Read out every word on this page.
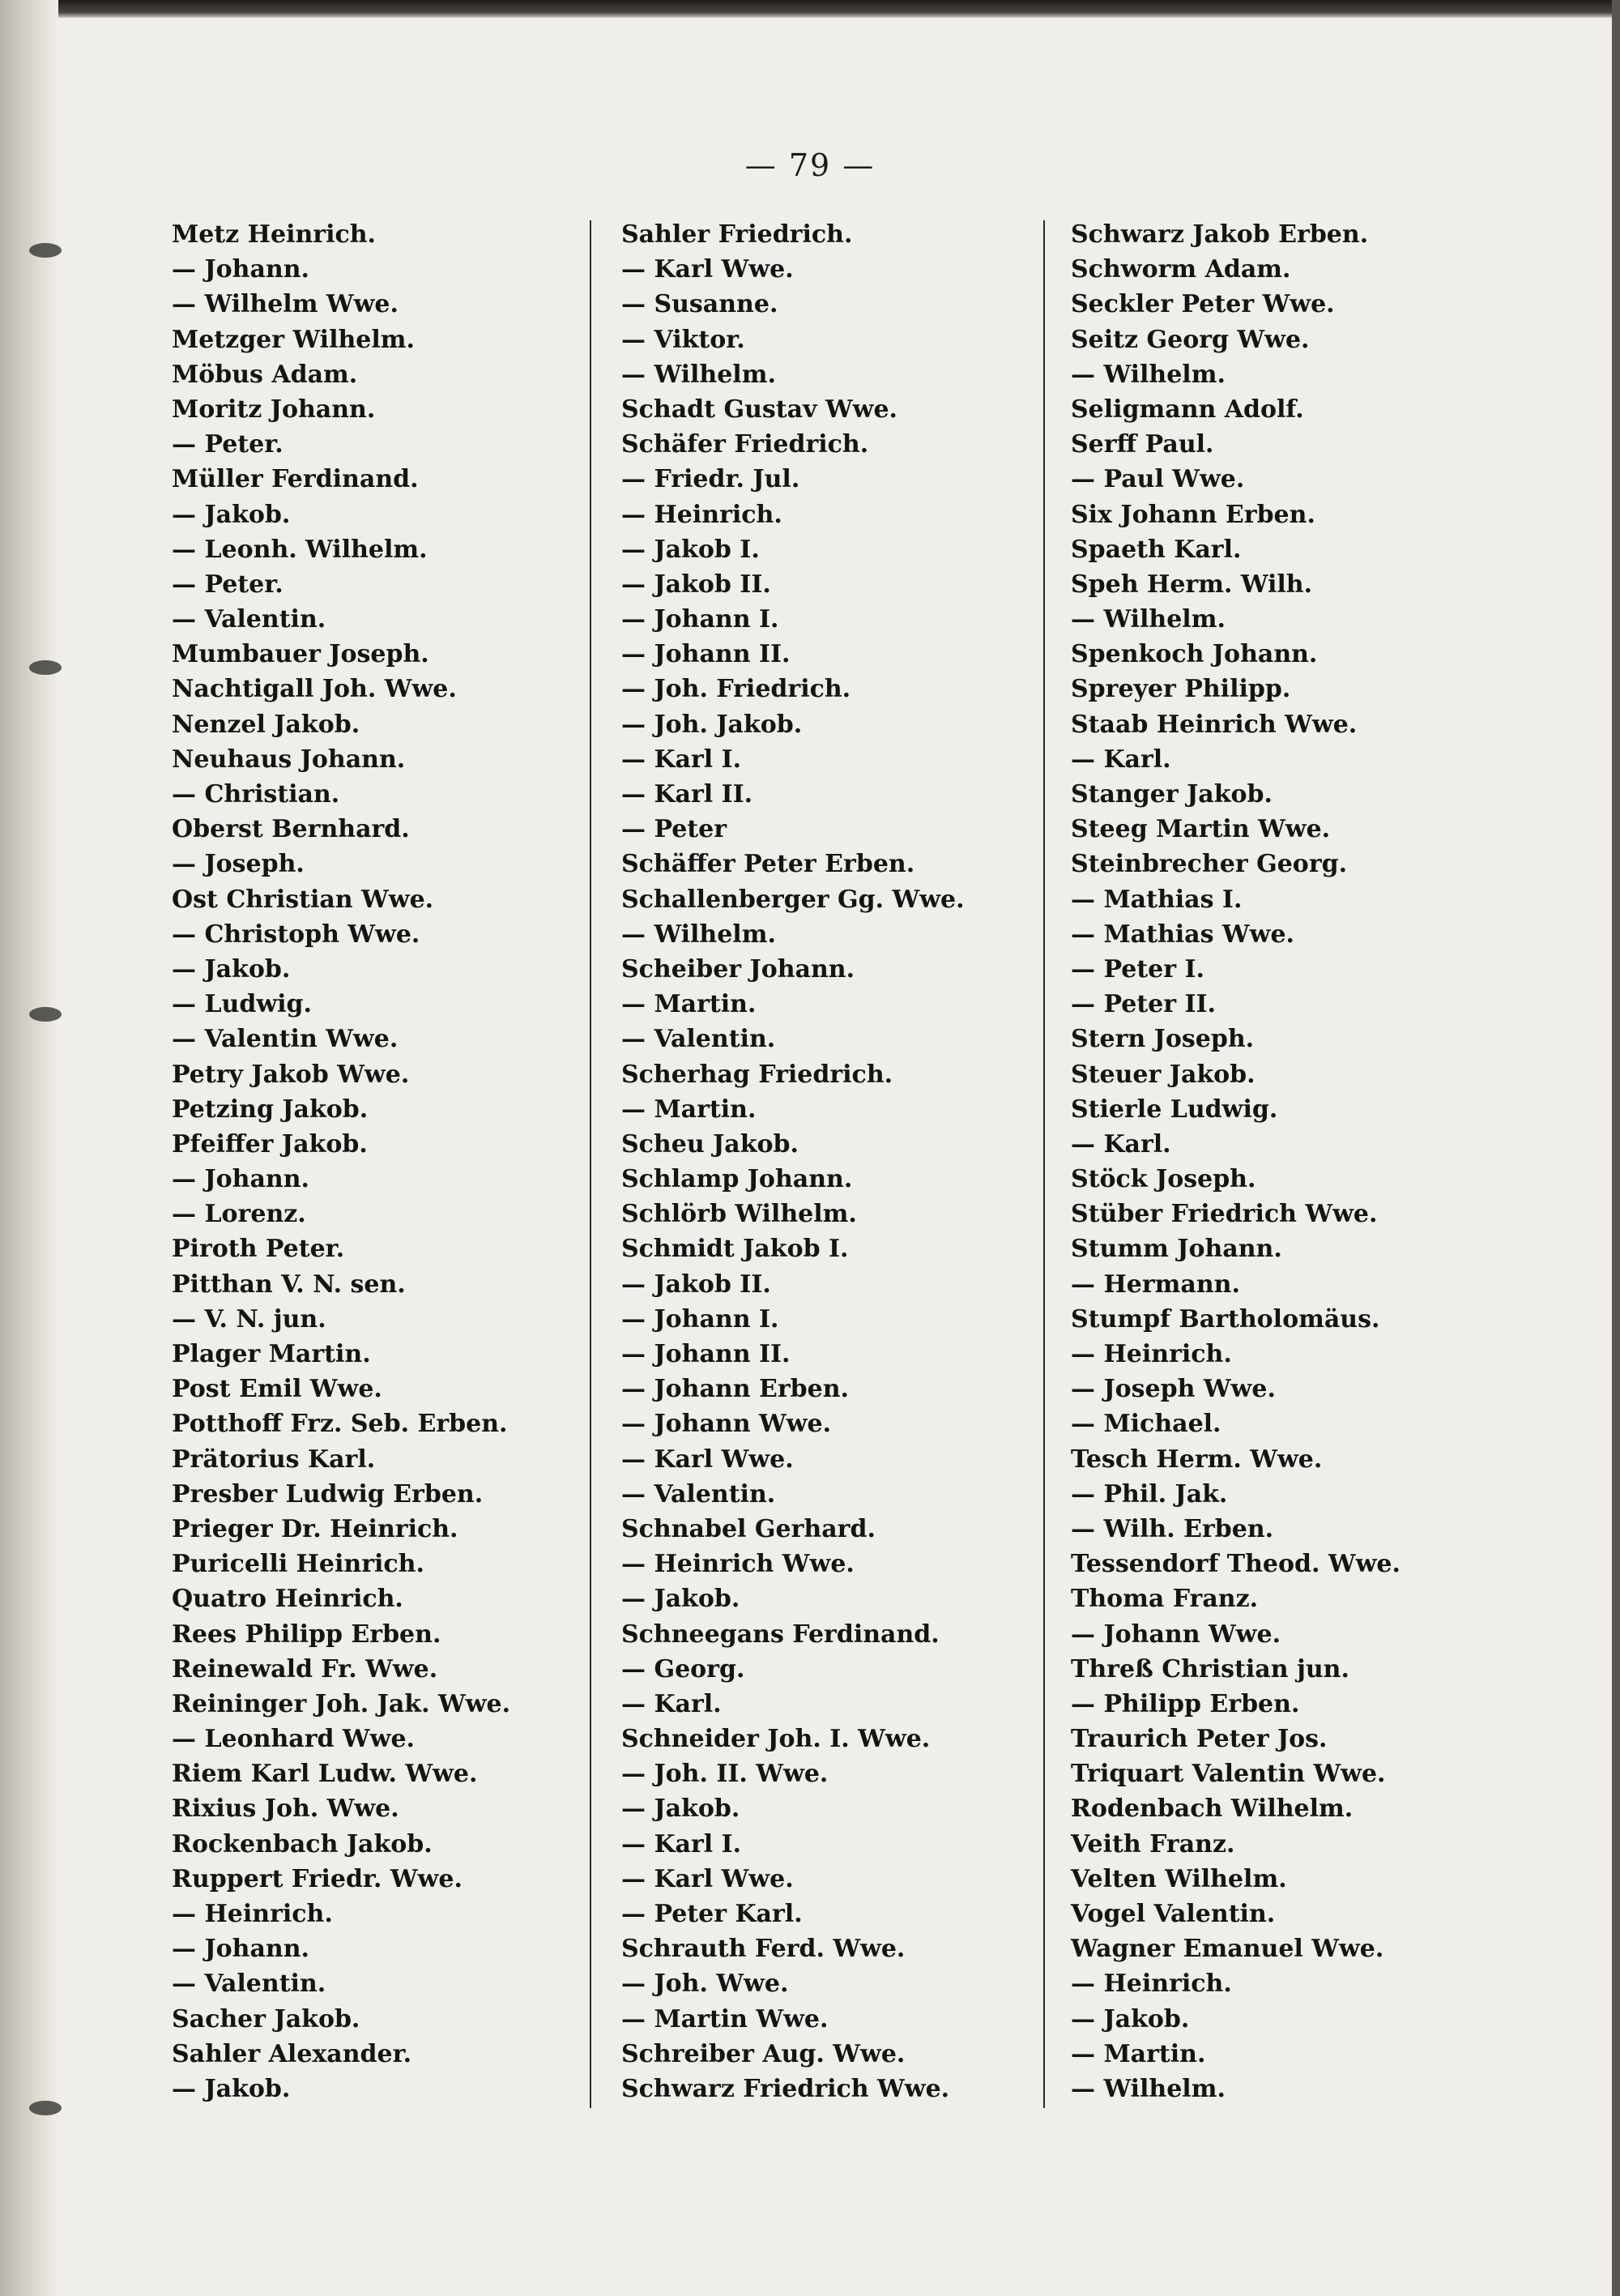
— 79 —
Metz Heinrich.
— Johann.
— Wilhelm Wwe.
Metzger Wilhelm.
Möbus Adam.
Moritz Johann.
— Peter.
Müller Ferdinand.
— Jakob.
— Leonh. Wilhelm.
— Peter.
— Valentin.
Mumbauer Joseph.
Nachtigall Joh. Wwe.
Nenzel Jakob.
Neuhaus Johann.
— Christian.
Oberst Bernhard.
— Joseph.
Ost Christian Wwe.
— Christoph Wwe.
— Jakob.
— Ludwig.
— Valentin Wwe.
Petry Jakob Wwe.
Petzing Jakob.
Pfeiffer Jakob.
— Johann.
— Lorenz.
Piroth Peter.
Pitthan V. N. sen.
— V. N. jun.
Plager Martin.
Post Emil Wwe.
Potthoff Frz. Seb. Erben.
Prätorius Karl.
Presber Ludwig Erben.
Prieger Dr. Heinrich.
Puricelli Heinrich.
Quatro Heinrich.
Rees Philipp Erben.
Reinewald Fr. Wwe.
Reininger Joh. Jak. Wwe.
— Leonhard Wwe.
Riem Karl Ludw. Wwe.
Rixius Joh. Wwe.
Rockenbach Jakob.
Ruppert Friedr. Wwe.
— Heinrich.
— Johann.
— Valentin.
Sacher Jakob.
Sahler Alexander.
— Jakob.
Sahler Friedrich.
— Karl Wwe.
— Susanne.
— Viktor.
— Wilhelm.
Schadt Gustav Wwe.
Schäfer Friedrich.
— Friedr. Jul.
— Heinrich.
— Jakob I.
— Jakob II.
— Johann I.
— Johann II.
— Joh. Friedrich.
— Joh. Jakob.
— Karl I.
— Karl II.
— Peter
Schäffer Peter Erben.
Schallenberger Gg. Wwe.
— Wilhelm.
Scheiber Johann.
— Martin.
— Valentin.
Scherhag Friedrich.
— Martin.
Scheu Jakob.
Schlamp Johann.
Schlörb Wilhelm.
Schmidt Jakob I.
— Jakob II.
— Johann I.
— Johann II.
— Johann Erben.
— Johann Wwe.
— Karl Wwe.
— Valentin.
Schnabel Gerhard.
— Heinrich Wwe.
— Jakob.
Schneegans Ferdinand.
— Georg.
— Karl.
Schneider Joh. I. Wwe.
— Joh. II. Wwe.
— Jakob.
— Karl I.
— Karl Wwe.
— Peter Karl.
Schrauth Ferd. Wwe.
— Joh. Wwe.
— Martin Wwe.
Schreiber Aug. Wwe.
Schwarz Friedrich Wwe.
Schwarz Jakob Erben.
Schworm Adam.
Seckler Peter Wwe.
Seitz Georg Wwe.
— Wilhelm.
Seligmann Adolf.
Serff Paul.
— Paul Wwe.
Six Johann Erben.
Spaeth Karl.
Speh Herm. Wilh.
— Wilhelm.
Spenkoch Johann.
Spreyer Philipp.
Staab Heinrich Wwe.
— Karl.
Stanger Jakob.
Steeg Martin Wwe.
Steinbrecher Georg.
— Mathias I.
— Mathias Wwe.
— Peter I.
— Peter II.
Stern Joseph.
Steuer Jakob.
Stierle Ludwig.
— Karl.
Stöck Joseph.
Stüber Friedrich Wwe.
Stumm Johann.
— Hermann.
Stumpf Bartholomäus.
— Heinrich.
— Joseph Wwe.
— Michael.
Tesch Herm. Wwe.
— Phil. Jak.
— Wilh. Erben.
Tessendorf Theod. Wwe.
Thoma Franz.
— Johann Wwe.
Threß Christian jun.
— Philipp Erben.
Traurich Peter Jos.
Triquart Valentin Wwe.
Rodenbach Wilhelm.
Veith Franz.
Velten Wilhelm.
Vogel Valentin.
Wagner Emanuel Wwe.
— Heinrich.
— Jakob.
— Martin.
— Wilhelm.
